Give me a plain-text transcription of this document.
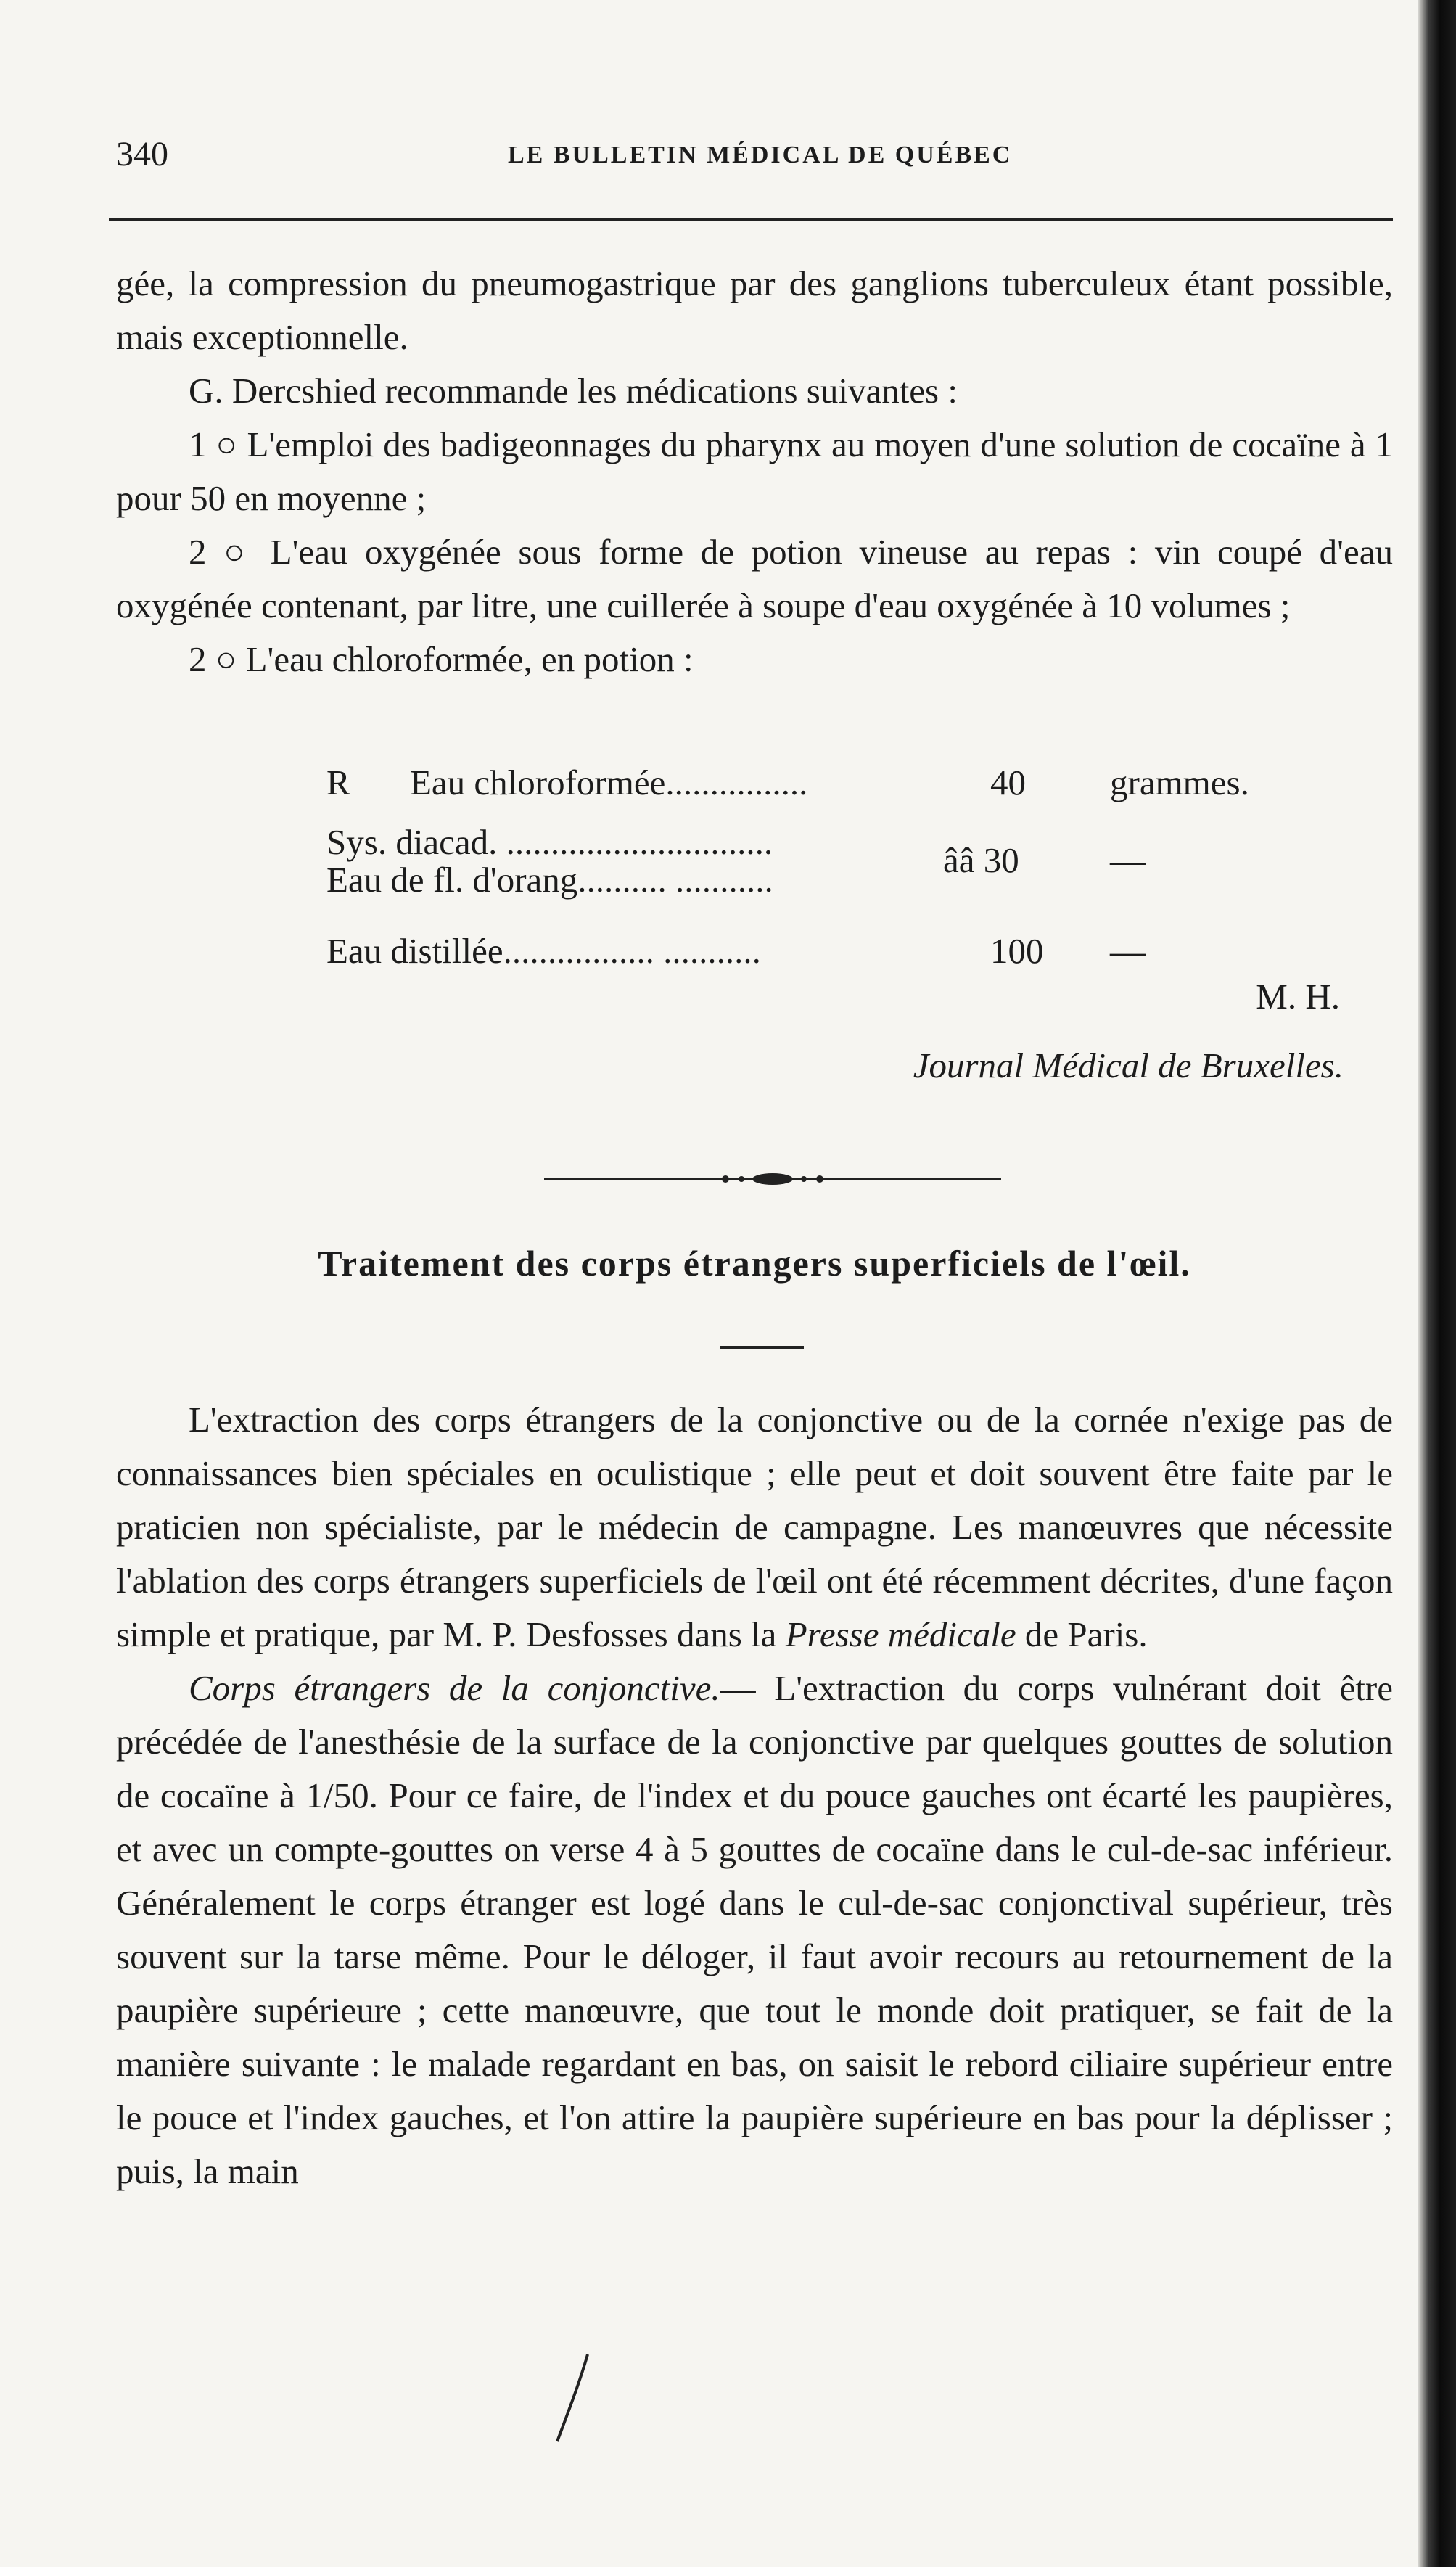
340	LE BULLETIN MÉDICAL DE QUÉBEC

gée, la compression du pneumogastrique par des ganglions tuberculeux étant possible, mais exceptionnelle.

G. Dercshied recommande les médications suivantes :

1 ○ L'emploi des badigeonnages du pharynx au moyen d'une solution de cocaïne à 1 pour 50 en moyenne ;

2 ○ L'eau oxygénée sous forme de potion vineuse au repas : vin coupé d'eau oxygénée contenant, par litre, une cuillerée à soupe d'eau oxygénée à 10 volumes ;

2 ○ L'eau chloroformée, en potion :

R Eau chloroformée................	40 grammes.
Sys. diacad. ..............................
Eau de fl. d'orang.......... ...........	ââ 30	—
Eau distillée................. ...........	100 —
M. H.
Journal Médical de Bruxelles.
Traitement des corps étrangers superficiels de l'œil.

L'extraction des corps étrangers de la conjonctive ou de la cornée n'exige pas de connaissances bien spéciales en oculistique ; elle peut et doit souvent être faite par le praticien non spécialiste, par le médecin de campagne. Les manœuvres que nécessite l'ablation des corps étrangers superficiels de l'œil ont été récemment décrites, d'une façon simple et pratique, par M. P. Desfosses dans la Presse médicale de Paris.

Corps étrangers de la conjonctive.— L'extraction du corps vulnérant doit être précédée de l'anesthésie de la surface de la conjonctive par quelques gouttes de solution de cocaïne à 1/50. Pour ce faire, de l'index et du pouce gauches ont écarté les paupières, et avec un compte-gouttes on verse 4 à 5 gouttes de cocaïne dans le cul-de-sac inférieur. Généralement le corps étranger est logé dans le cul-de-sac conjonctival supérieur, très souvent sur la tarse même. Pour le déloger, il faut avoir recours au retournement de la paupière supérieure ; cette manœuvre, que tout le monde doit pratiquer, se fait de la manière suivante : le malade regardant en bas, on saisit le rebord ciliaire supérieur entre le pouce et l'index gauches, et l'on attire la paupière supérieure en bas pour la déplisser ; puis, la main
